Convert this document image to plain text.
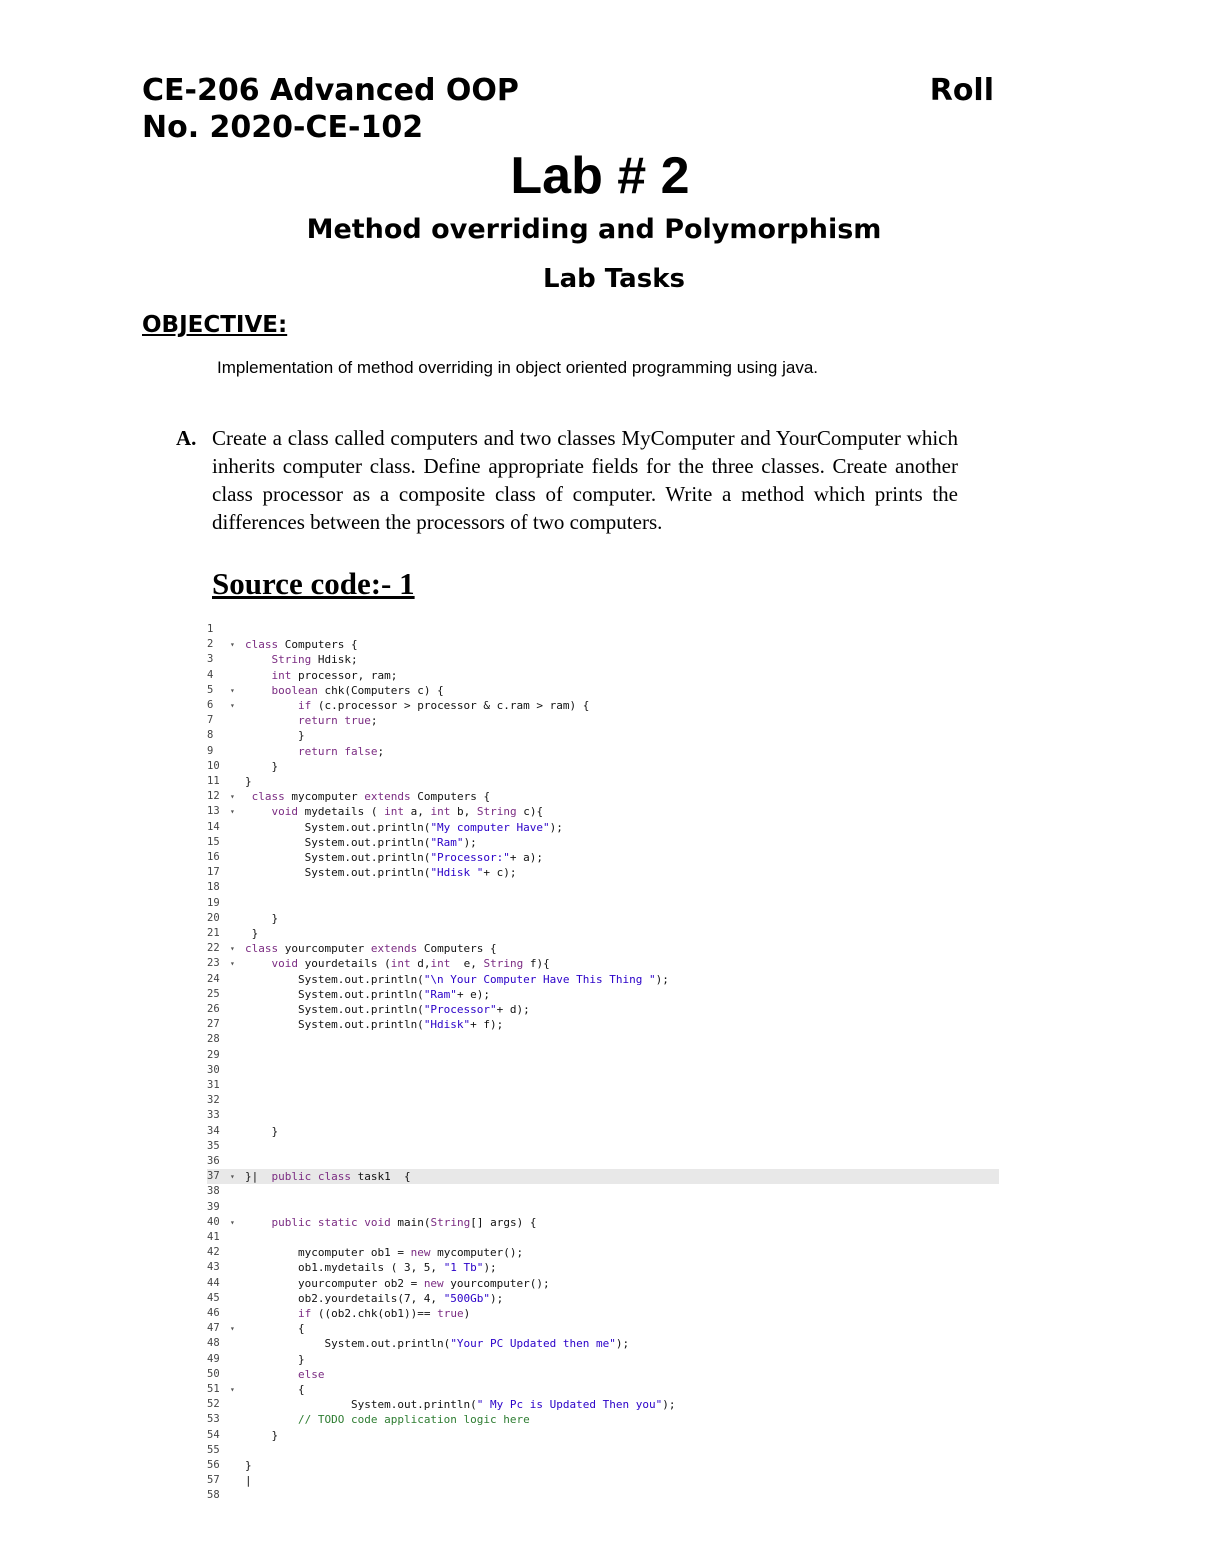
CE-206 Advanced OOP	Roll
No. 2020-CE-102
Lab # 2
Method overriding and Polymorphism
Lab Tasks
OBJECTIVE:
Implementation of method overriding in object oriented programming using java.
A. Create a class called computers and two classes MyComputer and YourComputer which inherits computer class. Define appropriate fields for the three classes. Create another class processor as a composite class of computer. Write a method which prints the differences between the processors of two computers.
Source code:- 1
1
2	▾ class Computers {
3	String Hdisk;
4	int processor, ram;
5	▾	boolean chk(Computers c) {
6	▾	if (c.processor > processor & c.ram > ram) {
7	return true;
8	}
9	return false;
10	}
11	}
12	▾	class mycomputer extends Computers {
13	▾	void mydetails ( int a, int b, String c){
14	System.out.println("My computer Have");
15	System.out.println("Ram");
16	System.out.println("Processor:"+ a);
17	System.out.println("Hdisk "+ c);
18
19
20	}
21	}
22	▾ class yourcomputer extends Computers {
23	▾	void yourdetails (int d,int  e, String f){
24	System.out.println("\n Your Computer Have This Thing ");
25	System.out.println("Ram"+ e);
26	System.out.println("Processor"+ d);
27	System.out.println("Hdisk"+ f);
28
29
30
31
32
33
34	}
35
36
37	▾ }|  public class task1  {
38
39
40	▾	public static void main(String[] args) {
41
42	mycomputer ob1 = new mycomputer();
43	ob1.mydetails ( 3, 5, "1 Tb");
44	yourcomputer ob2 = new yourcomputer();
45	ob2.yourdetails(7, 4, "500Gb");
46	if ((ob2.chk(ob1))== true)
47	▾ {
48	System.out.println("Your PC Updated then me");
49	}
50	else
51	▾ {
52	System.out.println(" My Pc is Updated Then you");
53	// TODO code application logic here
54	}
55
56	}
57	|
58
